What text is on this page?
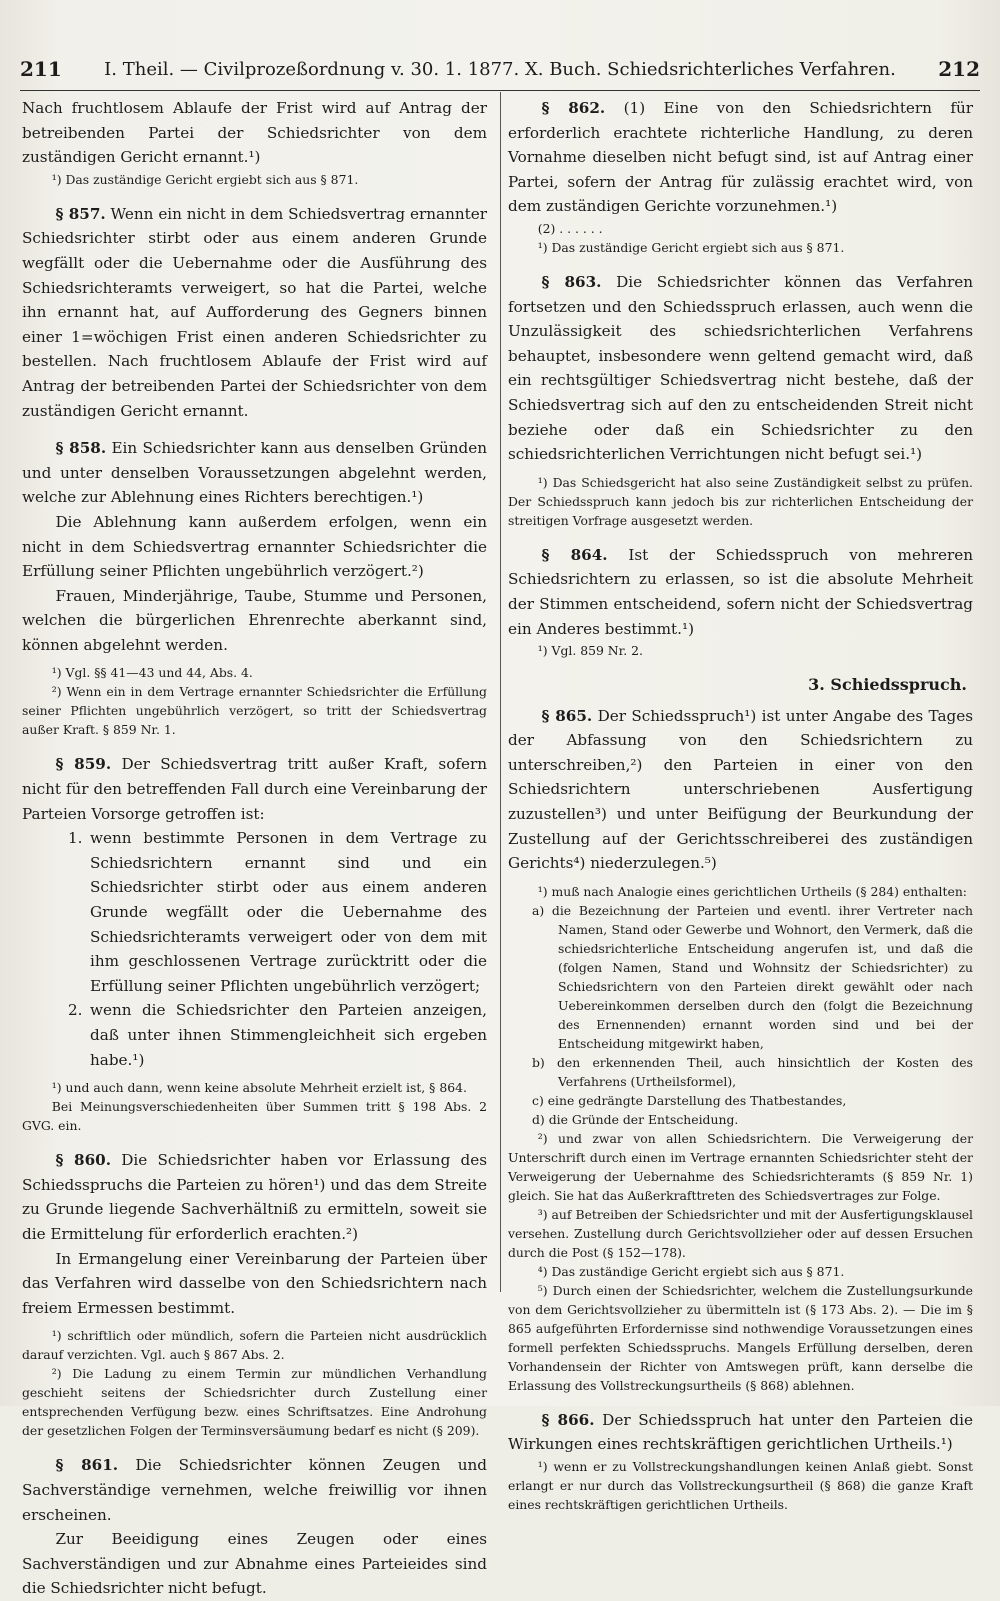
211	I. Theil. — Civilprozeßordnung v. 30. 1. 1877. X. Buch. Schiedsrichterliches Verfahren.	212

Nach fruchtlosem Ablaufe der Frist wird auf Antrag der betreibenden Partei der Schiedsrichter von dem zuständigen Gericht ernannt.¹)

¹) Das zuständige Gericht ergiebt sich aus § 871.

§ 857. Wenn ein nicht in dem Schiedsvertrag ernannter Schiedsrichter stirbt oder aus einem anderen Grunde wegfällt oder die Uebernahme oder die Ausführung des Schiedsrichteramts verweigert, so hat die Partei, welche ihn ernannt hat, auf Aufforderung des Gegners binnen einer 1=wöchigen Frist einen anderen Schiedsrichter zu bestellen. Nach fruchtlosem Ablaufe der Frist wird auf Antrag der betreibenden Partei der Schiedsrichter von dem zuständigen Gericht ernannt.

§ 858. Ein Schiedsrichter kann aus denselben Gründen und unter denselben Voraussetzungen abgelehnt werden, welche zur Ablehnung eines Richters berechtigen.¹)

Die Ablehnung kann außerdem erfolgen, wenn ein nicht in dem Schiedsvertrag ernannter Schiedsrichter die Erfüllung seiner Pflichten ungebührlich verzögert.²)

Frauen, Minderjährige, Taube, Stumme und Personen, welchen die bürgerlichen Ehrenrechte aberkannt sind, können abgelehnt werden.

¹) Vgl. §§ 41—43 und 44, Abs. 4.

²) Wenn ein in dem Vertrage ernannter Schiedsrichter die Erfüllung seiner Pflichten ungebührlich verzögert, so tritt der Schiedsvertrag außer Kraft. § 859 Nr. 1.

§ 859. Der Schiedsvertrag tritt außer Kraft, sofern nicht für den betreffenden Fall durch eine Vereinbarung der Parteien Vorsorge getroffen ist:

1. wenn bestimmte Personen in dem Vertrage zu Schiedsrichtern ernannt sind und ein Schiedsrichter stirbt oder aus einem anderen Grunde wegfällt oder die Uebernahme des Schiedsrichteramts verweigert oder von dem mit ihm geschlossenen Vertrage zurücktritt oder die Erfüllung seiner Pflichten ungebührlich verzögert;
2. wenn die Schiedsrichter den Parteien anzeigen, daß unter ihnen Stimmengleichheit sich ergeben habe.¹)

¹) und auch dann, wenn keine absolute Mehrheit erzielt ist, § 864.

Bei Meinungsverschiedenheiten über Summen tritt § 198 Abs. 2 GVG. ein.

§ 860. Die Schiedsrichter haben vor Erlassung des Schiedsspruchs die Parteien zu hören¹) und das dem Streite zu Grunde liegende Sachverhältniß zu ermitteln, soweit sie die Ermittelung für erforderlich erachten.²)

In Ermangelung einer Vereinbarung der Parteien über das Verfahren wird dasselbe von den Schiedsrichtern nach freiem Ermessen bestimmt.

¹) schriftlich oder mündlich, sofern die Parteien nicht ausdrücklich darauf verzichten. Vgl. auch § 867 Abs. 2.

²) Die Ladung zu einem Termin zur mündlichen Verhandlung geschieht seitens der Schiedsrichter durch Zustellung einer entsprechenden Verfügung bezw. eines Schriftsatzes. Eine Androhung der gesetzlichen Folgen der Terminsversäumung bedarf es nicht (§ 209).

§ 861. Die Schiedsrichter können Zeugen und Sachverständige vernehmen, welche freiwillig vor ihnen erscheinen.

Zur Beeidigung eines Zeugen oder eines Sachverständigen und zur Abnahme eines Parteieides sind die Schiedsrichter nicht befugt.

§ 862. (1) Eine von den Schiedsrichtern für erforderlich erachtete richterliche Handlung, zu deren Vornahme dieselben nicht befugt sind, ist auf Antrag einer Partei, sofern der Antrag für zulässig erachtet wird, von dem zuständigen Gerichte vorzunehmen.¹)

(2) . . . . . .

¹) Das zuständige Gericht ergiebt sich aus § 871.

§ 863. Die Schiedsrichter können das Verfahren fortsetzen und den Schiedsspruch erlassen, auch wenn die Unzulässigkeit des schiedsrichterlichen Verfahrens behauptet, insbesondere wenn geltend gemacht wird, daß ein rechtsgültiger Schiedsvertrag nicht bestehe, daß der Schiedsvertrag sich auf den zu entscheidenden Streit nicht beziehe oder daß ein Schiedsrichter zu den schiedsrichterlichen Verrichtungen nicht befugt sei.¹)

¹) Das Schiedsgericht hat also seine Zuständigkeit selbst zu prüfen. Der Schiedsspruch kann jedoch bis zur richterlichen Entscheidung der streitigen Vorfrage ausgesetzt werden.

§ 864. Ist der Schiedsspruch von mehreren Schiedsrichtern zu erlassen, so ist die absolute Mehrheit der Stimmen entscheidend, sofern nicht der Schiedsvertrag ein Anderes bestimmt.¹)

¹) Vgl. 859 Nr. 2.

3. Schiedsspruch.

§ 865. Der Schiedsspruch¹) ist unter Angabe des Tages der Abfassung von den Schiedsrichtern zu unterschreiben,²) den Parteien in einer von den Schiedsrichtern unterschriebenen Ausfertigung zuzustellen³) und unter Beifügung der Beurkundung der Zustellung auf der Gerichtsschreiberei des zuständigen Gerichts⁴) niederzulegen.⁵)

¹) muß nach Analogie eines gerichtlichen Urtheils (§ 284) enthalten:

a) die Bezeichnung der Parteien und eventl. ihrer Vertreter nach Namen, Stand oder Gewerbe und Wohnort, den Vermerk, daß die schiedsrichterliche Entscheidung angerufen ist, und daß die (folgen Namen, Stand und Wohnsitz der Schiedsrichter) zu Schiedsrichtern von den Parteien direkt gewählt oder nach Uebereinkommen derselben durch den (folgt die Bezeichnung des Ernennenden) ernannt worden sind und bei der Entscheidung mitgewirkt haben,

b) den erkennenden Theil, auch hinsichtlich der Kosten des Verfahrens (Urtheilsformel),

c) eine gedrängte Darstellung des Thatbestandes,

d) die Gründe der Entscheidung.

²) und zwar von allen Schiedsrichtern. Die Verweigerung der Unterschrift durch einen im Vertrage ernannten Schiedsrichter steht der Verweigerung der Uebernahme des Schiedsrichteramts (§ 859 Nr. 1) gleich. Sie hat das Außerkrafttreten des Schiedsvertrages zur Folge.

³) auf Betreiben der Schiedsrichter und mit der Ausfertigungsklausel versehen. Zustellung durch Gerichtsvollzieher oder auf dessen Ersuchen durch die Post (§ 152—178).

⁴) Das zuständige Gericht ergiebt sich aus § 871.

⁵) Durch einen der Schiedsrichter, welchem die Zustellungsurkunde von dem Gerichtsvollzieher zu übermitteln ist (§ 173 Abs. 2). — Die im § 865 aufgeführten Erfordernisse sind nothwendige Voraussetzungen eines formell perfekten Schiedsspruchs. Mangels Erfüllung derselben, deren Vorhandensein der Richter von Amtswegen prüft, kann derselbe die Erlassung des Vollstreckungsurtheils (§ 868) ablehnen.

§ 866. Der Schiedsspruch hat unter den Parteien die Wirkungen eines rechtskräftigen gerichtlichen Urtheils.¹)

¹) wenn er zu Vollstreckungshandlungen keinen Anlaß giebt. Sonst erlangt er nur durch das Vollstreckungsurtheil (§ 868) die ganze Kraft eines rechtskräftigen gerichtlichen Urtheils.
